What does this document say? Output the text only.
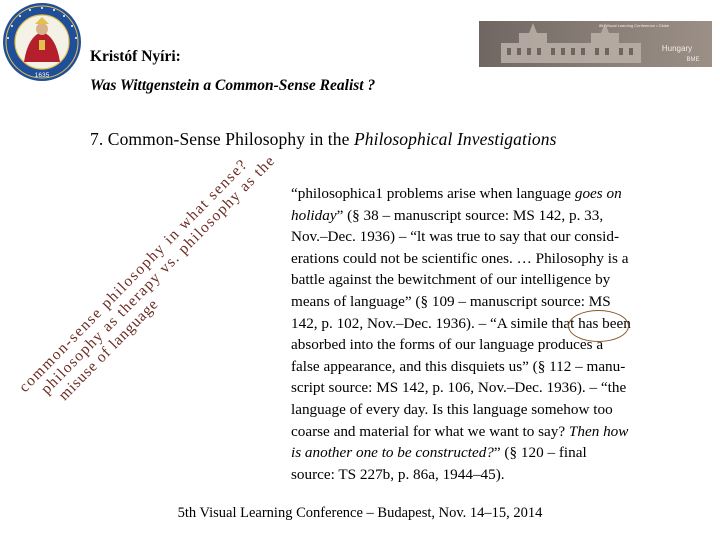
1635
8th Visual Learning Conference • Globe
Hungary
BME
Kristóf Nyíri:
Was Wittgenstein a Common-Sense Realist ?
7. Common-Sense Philosophy in the Philosophical Investigations
common-sense philosophy in what sense?
philosophy as therapy vs. philosophy as the
misuse of language
“philosophica1 problems arise when language goes on
holiday” (§ 38 – manuscript source: MS 142, p. 33,
Nov.–Dec. 1936) – “lt was true to say that our consid-
erations could not be scientific ones. … Philosophy is a
battle against the bewitchment of our intelligence by
means of language” (§ 109 – manuscript source: MS
142, p. 102, Nov.–Dec. 1936). – “A simile that has been
absorbed into the forms of our language produces a
false appearance, and this disquiets us” (§ 112 – manu-
script source: MS 142, p. 106, Nov.–Dec. 1936). – “the
language of every day. Is this language somehow too
coarse and material for what we want to say? Then how
is another one to be constructed?” (§ 120 – final
source: TS 227b, p. 86a, 1944–45).
5th Visual Learning Conference – Budapest, Nov. 14–15, 2014
